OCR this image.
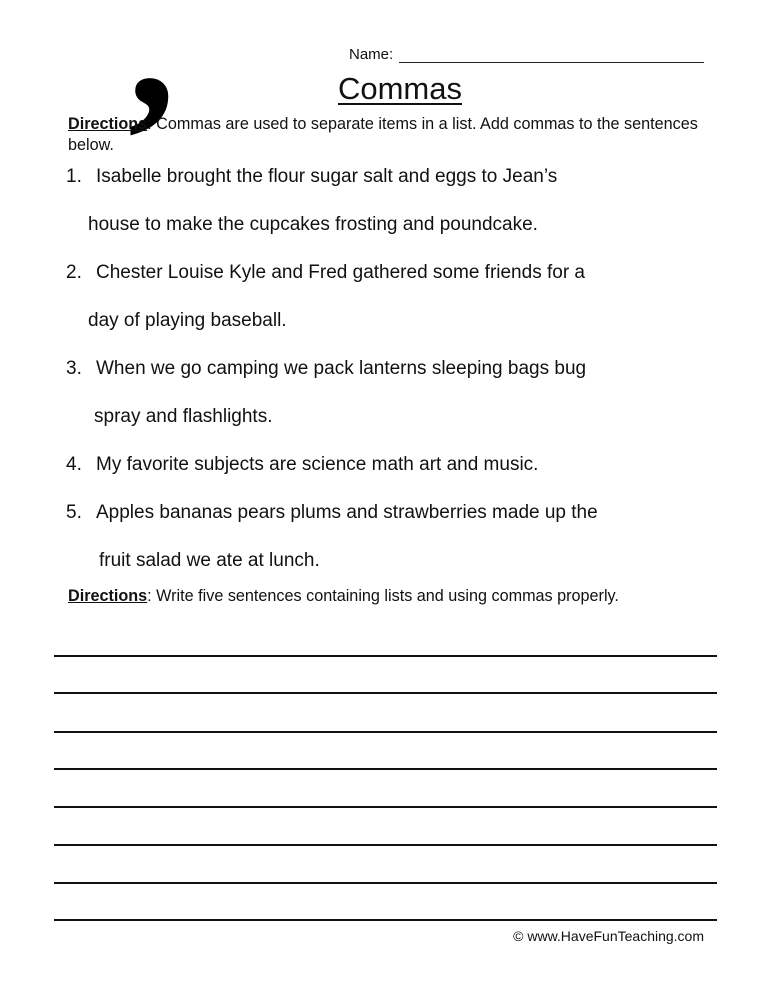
,	Name:
Commas
Directions: Commas are used to separate items in a list. Add commas to the sentences below.
1. Isabelle brought the flour sugar salt and eggs to Jean’s
house to make the cupcakes frosting and poundcake.
2. Chester Louise Kyle and Fred gathered some friends for a
day of playing baseball.
3. When we go camping we pack lanterns sleeping bags bug
spray and flashlights.
4. My favorite subjects are science math art and music.
5. Apples bananas pears plums and strawberries made up the
fruit salad we ate at lunch.
Directions: Write five sentences containing lists and using commas properly.
© www.HaveFunTeaching.com
